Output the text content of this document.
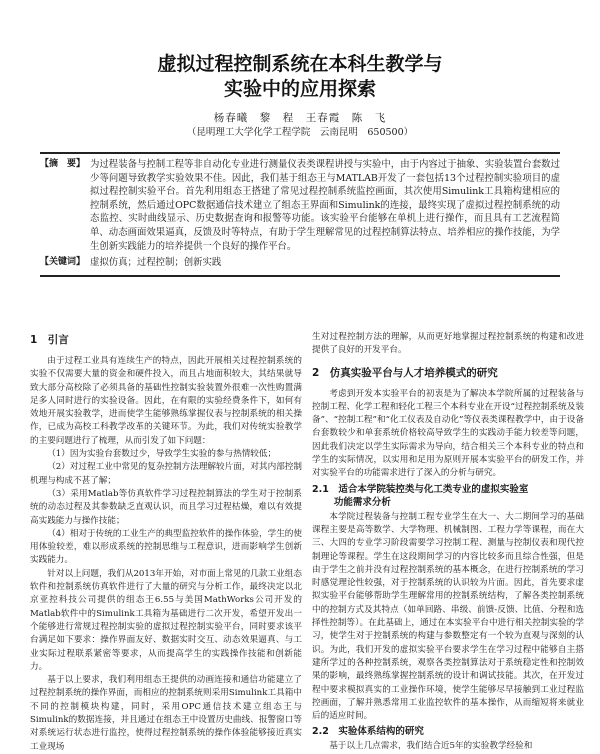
虚拟过程控制系统在本科生教学与
实验中的应用探索
杨春曦　黎　程　王春霞　陈　飞
（昆明理工大学化学工程学院　云南昆明　650500）
【摘　要】 为过程装备与控制工程等非自动化专业进行测量仪表类课程讲授与实验中，由于内容过于抽象、实验装置台套数过少等问题导致教学实验效果不佳。因此，我们基于组态王与MATLAB开发了一套包括13个过程控制实验项目的虚拟过程控制实验平台。首先利用组态王搭建了常见过程控制系统监控画面，其次使用Simulink工具箱构建相应的控制系统，然后通过OPC数据通信技术建立了组态王界面和Simulink的连接，最终实现了虚拟过程控制系统的动态监控、实时曲线显示、历史数据查询和报警等功能。该实验平台能够在单机上进行操作，而且具有工艺流程简单、动态画面效果逼真，反馈及时等特点，有助于学生理解常见的过程控制算法特点、培养相应的操作技能，为学生创新实践能力的培养提供一个良好的操作平台。
【关键词】 虚拟仿真；过程控制；创新实践
1　引言

由于过程工业具有连续生产的特点，因此开展相关过程控制系统的实验不仅需要大量的资金和硬件投入，而且占地面积较大，其结果就导致大部分高校除了必须具备的基础性控制实验装置外很难一次性购置满足多人同时进行的实验设备。因此，在有限的实验经费条件下，如何有效地开展实验教学，进而使学生能够熟练掌握仪表与控制系统的相关操作，已成为高校工科教学改革的关键环节。为此，我们对传统实验教学的主要问题进行了梳理，从而引发了如下问题：

（1）因为实验台套数过少，导致学生实验的参与热情较低；

（2）对过程工业中常见的复杂控制方法理解较片面，对其内部控制机理与构成不甚了解；

（3）采用Matlab等仿真软件学习过程控制算法的学生对于控制系统的动态过程及其参数缺乏直观认识，而且学习过程枯燥，难以有效提高实践能力与操作技能；

（4）相对于传统的工业生产的典型监控软件的操作体验，学生的使用体验较差，难以形成系统的控制思维与工程意识，进而影响学生创新实践能力。

针对以上问题，我们从2013年开始，对市面上常见的几款工业组态软件和控制系统仿真软件进行了大量的研究与分析工作，最终决定以北京亚控科技公司提供的组态王6.55与美国MathWorks公司开发的Matlab软件中的Simulink工具箱为基础进行二次开发，希望开发出一个能够进行常规过程控制实验的虚拟过程控制实验平台，同时要求该平台满足如下要求：操作界面友好、数据实时交互、动态效果逼真、与工业实际过程联系紧密等要求，从而提高学生的实践操作技能和创新能力。

基于以上要求，我们利用组态王提供的动画连接和通信功能建立了过程控制系统的操作界面，而相应的控制系统则采用Simulink工具箱中不同的控制模块构建，同时，采用OPC通信技术建立组态王与Simulink的数据连接，并且通过在组态王中设置历史曲线、报警窗口等对系统运行状态进行监控，使得过程控制系统的操作体验能够接近真实工业现场

生对过程控制方法的理解，从而更好地掌握过程控制系统的构建和改进提供了良好的开发平台。

2　仿真实验平台与人才培养模式的研究

考虑到开发本实验平台的初衷是为了解决本学院所属的过程装备与控制工程、化学工程和轻化工程三个本科专业在开设“过程控制系统及装备”、“控制工程”和“化工仪表及自动化”等仪表类课程教学中，由于设备台套数较少和单套系统价格较高导致学生的实践动手能力较差等问题，因此我们决定以学生实际需求为导向，结合相关三个本科专业的特点和学生的实际情况，以实用和足用为原则开展本实验平台的研发工作，并对实验平台的功能需求进行了深入的分析与研究。

2.1　适合本学院装控类与化工类专业的虚拟实验室
功能需求分析

本学院过程装备与控制工程专业学生在大一、大二期间学习的基础课程主要是高等数学、大学物理、机械制图、工程力学等课程，而在大三、大四的专业学习阶段需要学习控制工程、测量与控制仪表和现代控制理论等课程。学生在这段期间学习的内容比较多而且综合性强，但是由于学生之前并没有过程控制系统的基本概念，在进行控制系统的学习时感觉理论性较强，对于控制系统的认识较为片面。因此，首先要求虚拟实验平台能够帮助学生理解常用的控制系统结构，了解各类控制系统中的控制方式及其特点（如单回路、串级、前馈-反馈、比值、分程和选择性控制等）。在此基础上，通过在本实验平台中进行相关控制实验的学习，使学生对于控制系统的构建与参数整定有一个较为直观与深刻的认识。为此，我们开发的虚拟实验平台要求学生在学习过程中能够自主搭建所学过的各种控制系统，观察各类控制算法对于系统稳定性和控制效果的影响，最终熟练掌握控制系统的设计和调试技能。其次，在开发过程中要求模拟真实的工业操作环境，使学生能够尽早接触到工业过程监控画面，了解并熟悉常用工业监控软件的基本操作，从而缩短将来就业后的适应时间。

2.2　实验体系结构的研究

基于以上几点需求，我们结合近5年的实验教学经验和
